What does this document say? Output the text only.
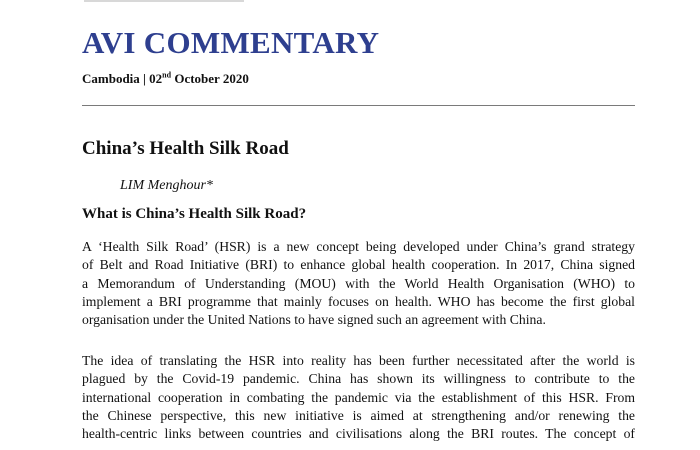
AVI COMMENTARY
Cambodia | 02nd October 2020
China’s Health Silk Road
LIM Menghour*
What is China’s Health Silk Road?

A ‘Health Silk Road’ (HSR) is a new concept being developed under China’s grand strategy
of Belt and Road Initiative (BRI) to enhance global health cooperation. In 2017, China signed
a Memorandum of Understanding (MOU) with the World Health Organisation (WHO) to
implement a BRI programme that mainly focuses on health. WHO has become the first global
organisation under the United Nations to have signed such an agreement with China.

The idea of translating the HSR into reality has been further necessitated after the world is
plagued by the Covid-19 pandemic. China has shown its willingness to contribute to the
international cooperation in combating the pandemic via the establishment of this HSR. From
the Chinese perspective, this new initiative is aimed at strengthening and/or renewing the
health-centric links between countries and civilisations along the BRI routes. The concept of
